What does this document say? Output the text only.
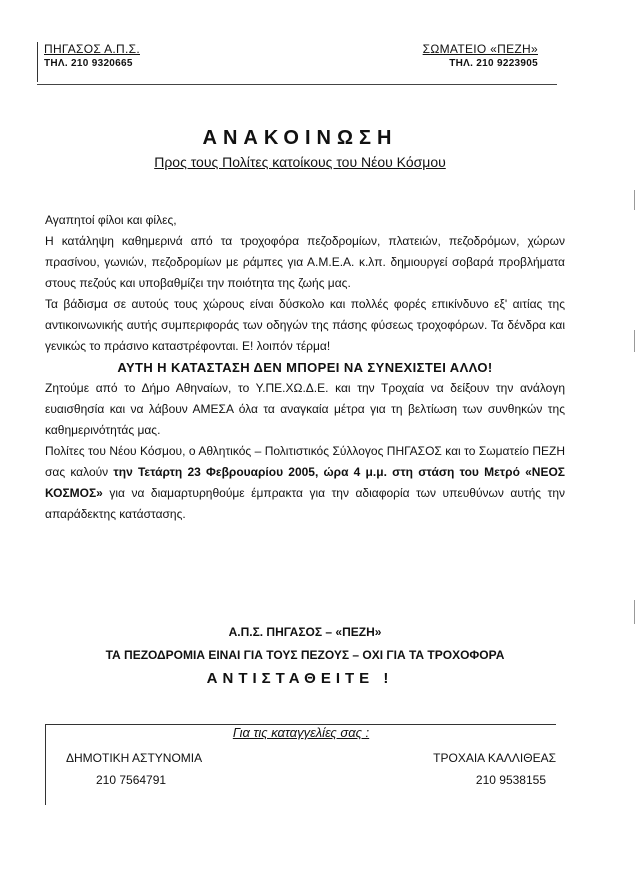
ΠΗΓΑΣΟΣ Α.Π.Σ.
ΤΗΛ. 210 9320665
ΣΩΜΑΤΕΙΟ «ΠΕΖΗ»
ΤΗΛ. 210 9223905
ΑΝΑΚΟΙΝΩΣΗ
Προς τους Πολίτες κατοίκους του Νέου Κόσμου

Αγαπητοί φίλοι και φίλες,

Η κατάληψη καθημερινά από τα τροχοφόρα πεζοδρομίων, πλατειών, πεζοδρόμων, χώρων πρασίνου, γωνιών, πεζοδρομίων με ράμπες για Α.Μ.Ε.Α. κ.λπ. δημιουργεί σοβαρά προβλήματα στους πεζούς και υποβαθμίζει την ποιότητα της ζωής μας.

Τα βάδισμα σε αυτούς τους χώρους είναι δύσκολο και πολλές φορές επικίνδυνο εξ' αιτίας της αντικοινωνικής αυτής συμπεριφοράς των οδηγών της πάσης φύσεως τροχοφόρων. Τα δένδρα και γενικώς το πράσινο καταστρέφονται. Ε! λοιπόν τέρμα!

ΑΥΤΗ Η ΚΑΤΑΣΤΑΣΗ ΔΕΝ ΜΠΟΡΕΙ ΝΑ ΣΥΝΕΧΙΣΤΕΙ ΑΛΛΟ!

Ζητούμε από το Δήμο Αθηναίων, το Υ.ΠΕ.ΧΩ.Δ.Ε. και την Τροχαία να δείξουν την ανάλογη ευαισθησία και να λάβουν ΑΜΕΣΑ όλα τα αναγκαία μέτρα για τη βελτίωση των συνθηκών της καθημερινότητάς μας.

Πολίτες του Νέου Κόσμου, ο Αθλητικός – Πολιτιστικός Σύλλογος ΠΗΓΑΣΟΣ και το Σωματείο ΠΕΖΗ σας καλούν την Τετάρτη 23 Φεβρουαρίου 2005, ώρα 4 μ.μ. στη στάση του Μετρό «ΝΕΟΣ ΚΟΣΜΟΣ» για να διαμαρτυρηθούμε έμπρακτα για την αδιαφορία των υπευθύνων αυτής την απαράδεκτης κατάστασης.

Α.Π.Σ. ΠΗΓΑΣΟΣ – «ΠΕΖΗ»
ΤΑ ΠΕΖΟΔΡΟΜΙΑ ΕΙΝΑΙ ΓΙΑ ΤΟΥΣ ΠΕΖΟΥΣ – ΟΧΙ ΓΙΑ ΤΑ ΤΡΟΧΟΦΟΡΑ
ΑΝΤΙΣΤΑΘΕΙΤΕ !
Για τις καταγγελίες σας :
ΔΗΜΟΤΙΚΗ ΑΣΤΥΝΟΜΙΑ
210 7564791
ΤΡΟΧΑΙΑ ΚΑΛΛΙΘΕΑΣ
210 9538155
